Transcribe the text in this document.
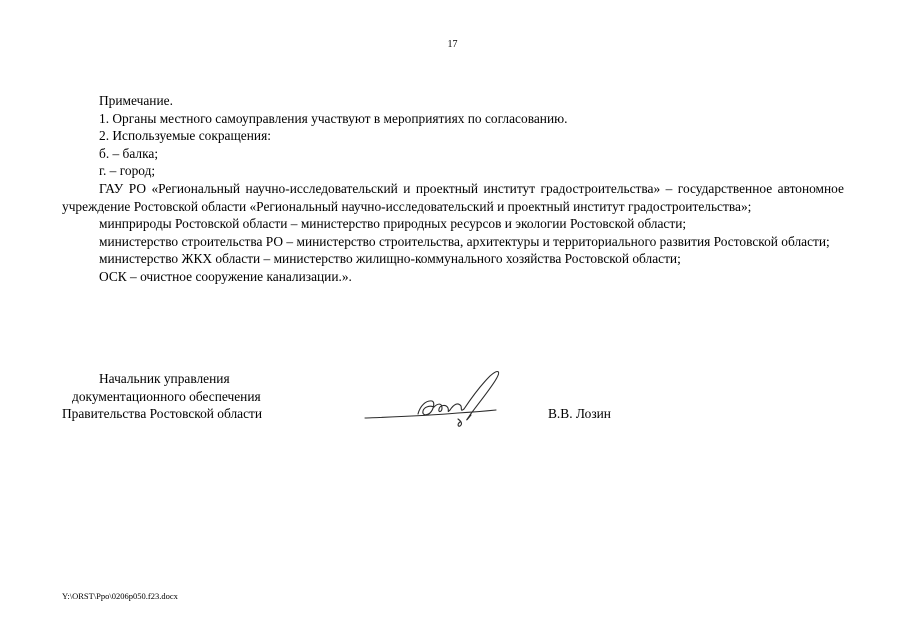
17

Примечание.

1. Органы местного самоуправления участвуют в мероприятиях по согласованию.

2. Используемые сокращения:

б. – балка;

г. – город;

ГАУ РО «Региональный научно-исследовательский и проектный институт градостроительства» – государственное автономное учреждение Ростовской области «Региональный научно-исследовательский и проектный институт градостроительства»;

минприроды Ростовской области – министерство природных ресурсов и экологии Ростовской области;

министерство строительства РО – министерство строительства, архитектуры и территориального развития Ростовской области;

министерство ЖКХ области – министерство жилищно-коммунального хозяйства Ростовской области;

ОСК – очистное сооружение канализации.».

Начальник управления
документационного обеспечения
Правительства Ростовской области	В.В. Лозин
Y:\ORST\Ppo\0206p050.f23.docx
